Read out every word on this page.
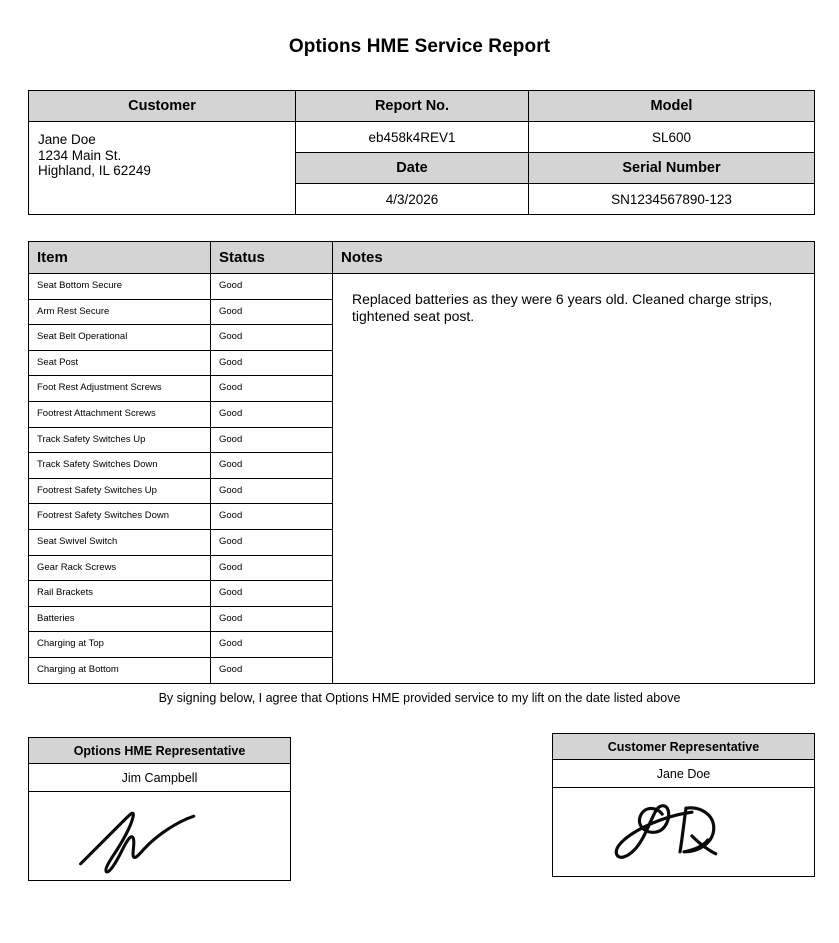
Options HME Service Report
Customer	Report No.	Model

Jane Doe
1234 Main St.
Highland, IL 62249	eb458k4REV1	SL600
	Date	Serial Number
	4/3/2026	SN1234567890-123
Item	Status	Notes
Seat Bottom Secure	Good	Replaced batteries as they were 6 years old. Cleaned charge strips, tightened seat post.
Arm Rest Secure	Good	
Seat Belt Operational	Good	
Seat Post	Good	
Foot Rest Adjustment Screws	Good	
Footrest Attachment Screws	Good	
Track Safety Switches Up	Good	
Track Safety Switches Down	Good	
Footrest Safety Switches Up	Good	
Footrest Safety Switches Down	Good	
Seat Swivel Switch	Good	
Gear Rack Screws	Good	
Rail Brackets	Good	
Batteries	Good	
Charging at Top	Good	
Charging at Bottom	Good	
By signing below, I agree that Options HME provided service to my lift on the date listed above
Options HME Representative
Jim Campbell

Customer Representative
Jane Doe
